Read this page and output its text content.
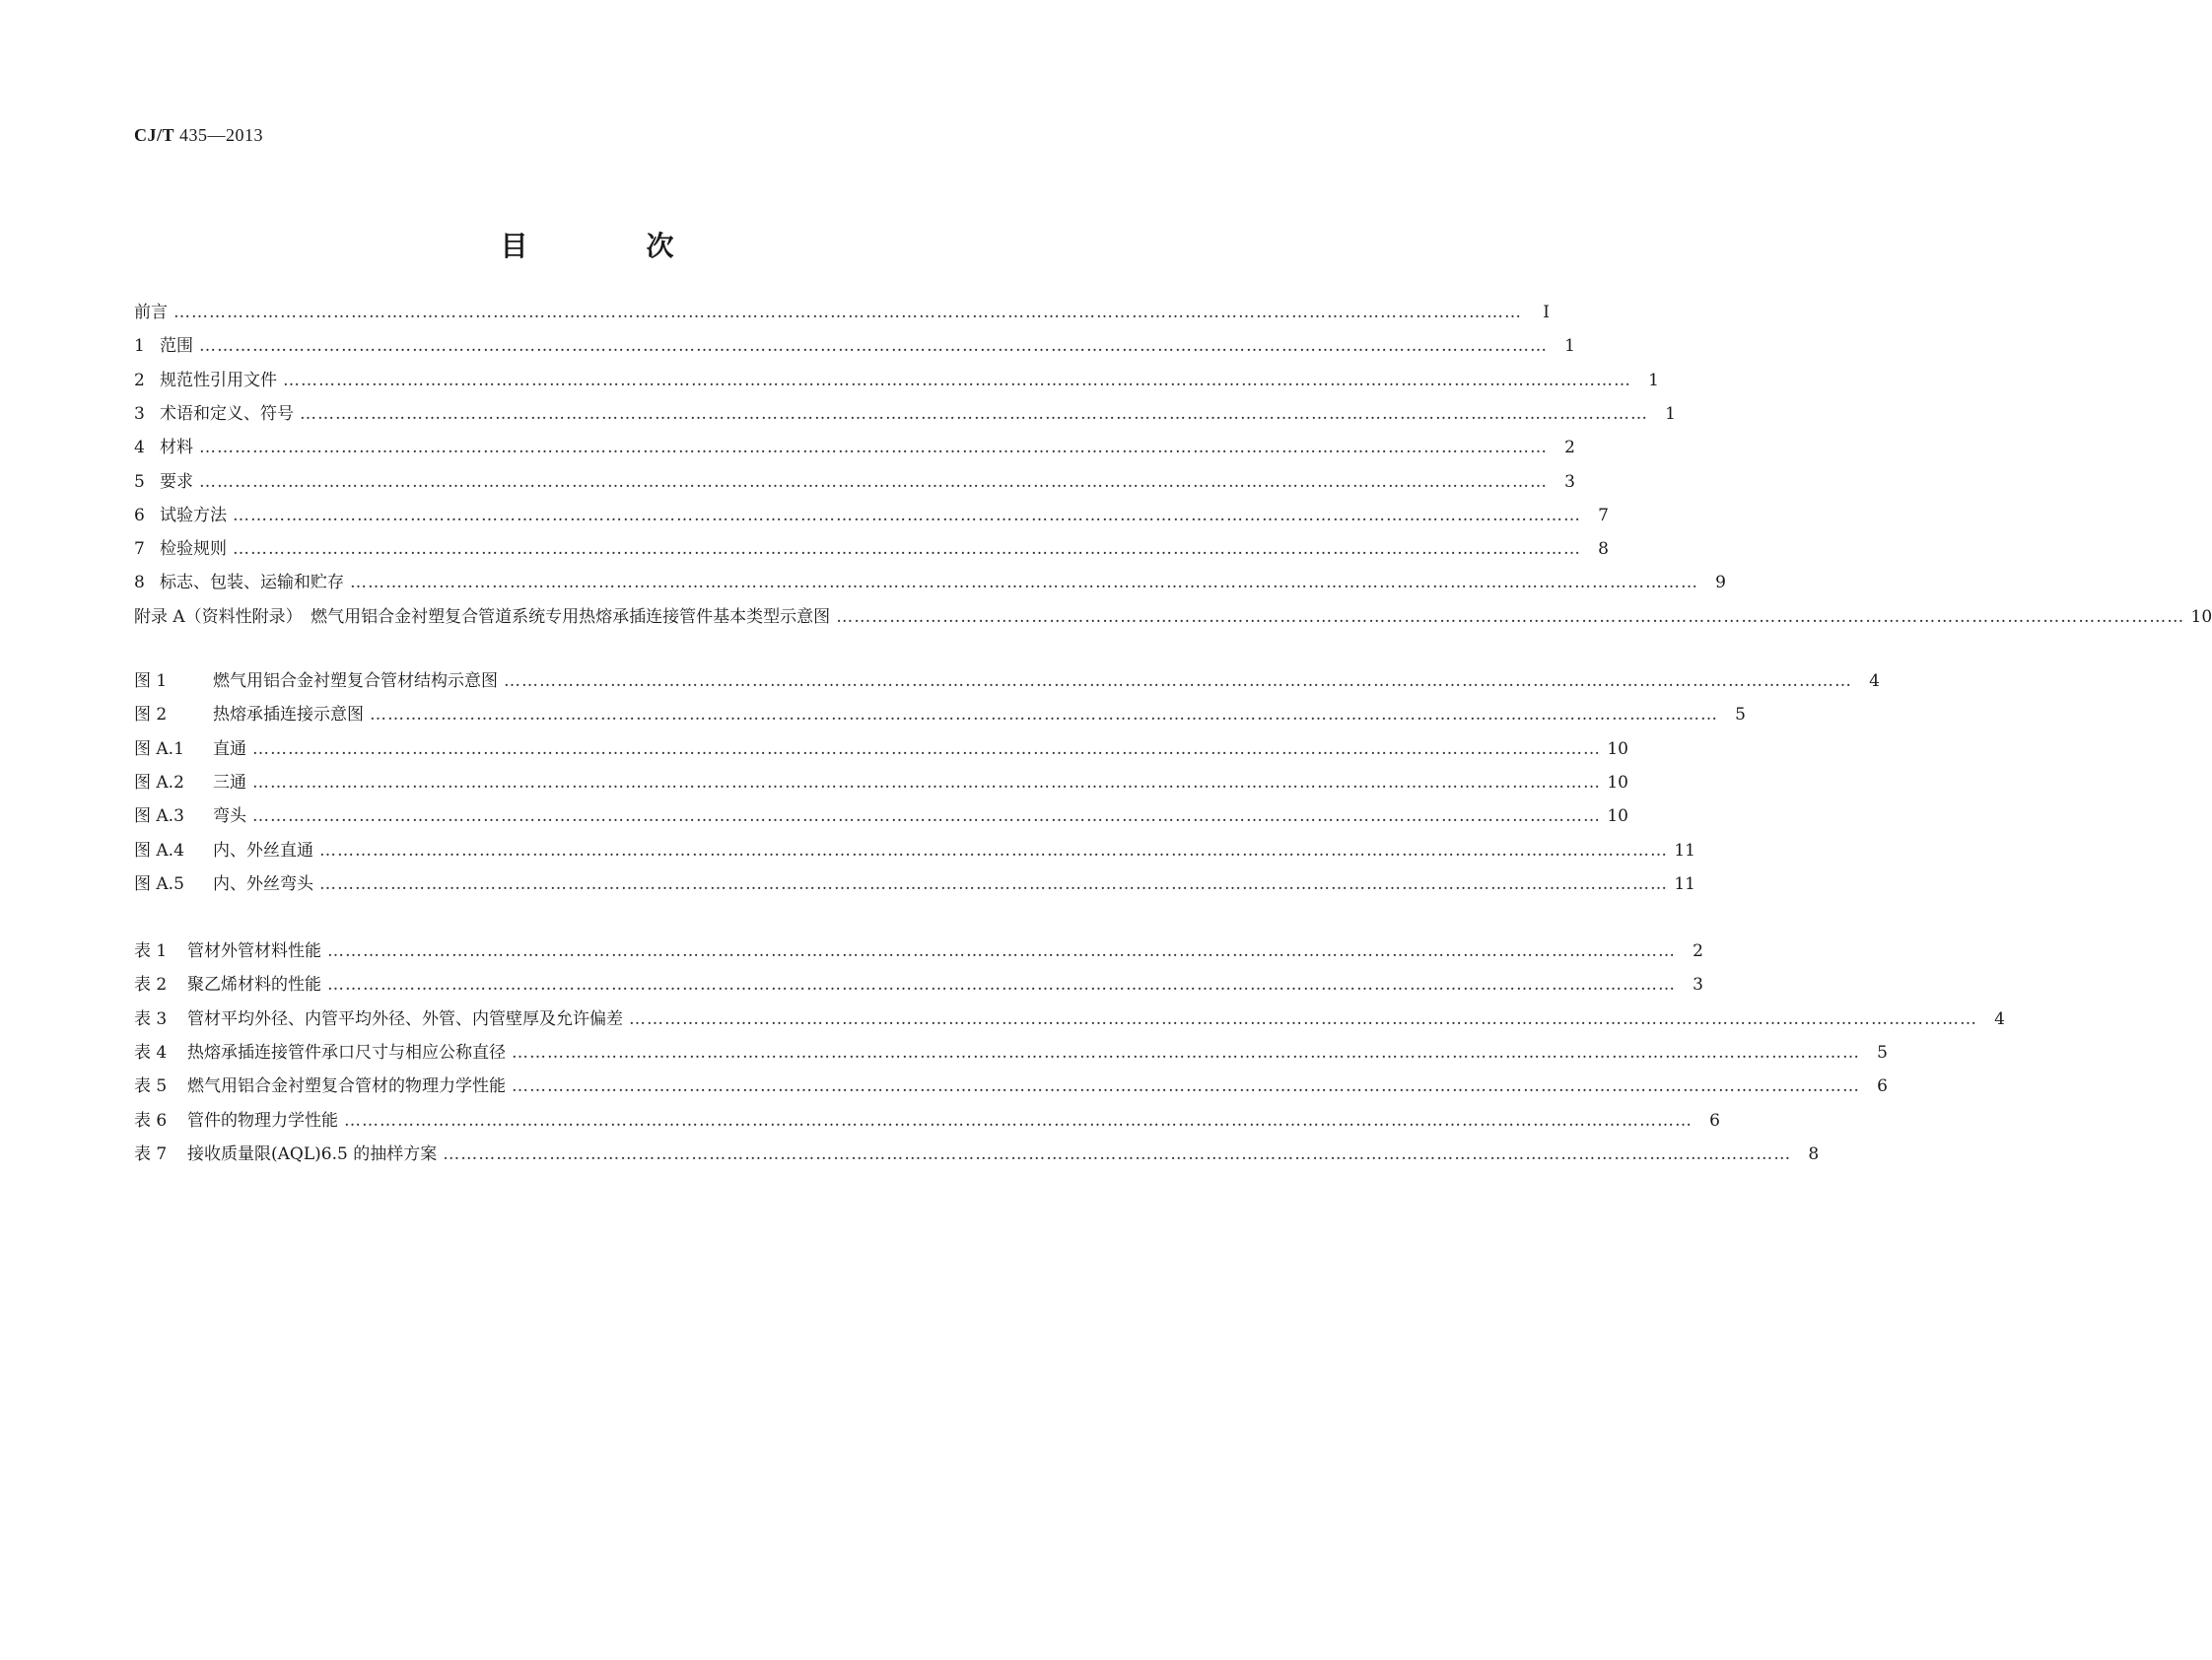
CJ/T 435—2013
目　次
前言 …………………………………………………………………………………………………………………………………………………………………………………………………………	Ⅰ
1 范围 …………………………………………………………………………………………………………………………………………………………………………………………………………	1
2 规范性引用文件 …………………………………………………………………………………………………………………………………………………………………………………………………………	1
3 术语和定义、符号 …………………………………………………………………………………………………………………………………………………………………………………………………………	1
4 材料 …………………………………………………………………………………………………………………………………………………………………………………………………………	2
5 要求 …………………………………………………………………………………………………………………………………………………………………………………………………………	3
6 试验方法 …………………………………………………………………………………………………………………………………………………………………………………………………………	7
7 检验规则 …………………………………………………………………………………………………………………………………………………………………………………………………………	8
8 标志、包装、运输和贮存 …………………………………………………………………………………………………………………………………………………………………………………………………………	9
附录 A（资料性附录）　燃气用铝合金衬塑复合管道系统专用热熔承插连接管件基本类型示意图 ………………………………………………………………………………………………………………………………………………………………………………………………………… 10
图 1	燃气用铝合金衬塑复合管材结构示意图 …………………………………………………………………………………………………………………………………………………………………………………………………………	4
图 2	热熔承插连接示意图 …………………………………………………………………………………………………………………………………………………………………………………………………………	5
图 A.1	直通 ………………………………………………………………………………………………………………………………………………………………………………………………………… 10
图 A.2	三通 ………………………………………………………………………………………………………………………………………………………………………………………………………… 10
图 A.3	弯头 ………………………………………………………………………………………………………………………………………………………………………………………………………… 10
图 A.4	内、外丝直通 ………………………………………………………………………………………………………………………………………………………………………………………………………… 11
图 A.5	内、外丝弯头 ………………………………………………………………………………………………………………………………………………………………………………………………………… 11
表 1	管材外管材料性能 …………………………………………………………………………………………………………………………………………………………………………………………………………	2
表 2	聚乙烯材料的性能 …………………………………………………………………………………………………………………………………………………………………………………………………………	3
表 3	管材平均外径、内管平均外径、外管、内管壁厚及允许偏差 …………………………………………………………………………………………………………………………………………………………………………………………………………	4
表 4	热熔承插连接管件承口尺寸与相应公称直径 …………………………………………………………………………………………………………………………………………………………………………………………………………	5
表 5	燃气用铝合金衬塑复合管材的物理力学性能 …………………………………………………………………………………………………………………………………………………………………………………………………………	6
表 6	管件的物理力学性能 …………………………………………………………………………………………………………………………………………………………………………………………………………	6
表 7	接收质量限(AQL)6.5 的抽样方案 …………………………………………………………………………………………………………………………………………………………………………………………………………	8
